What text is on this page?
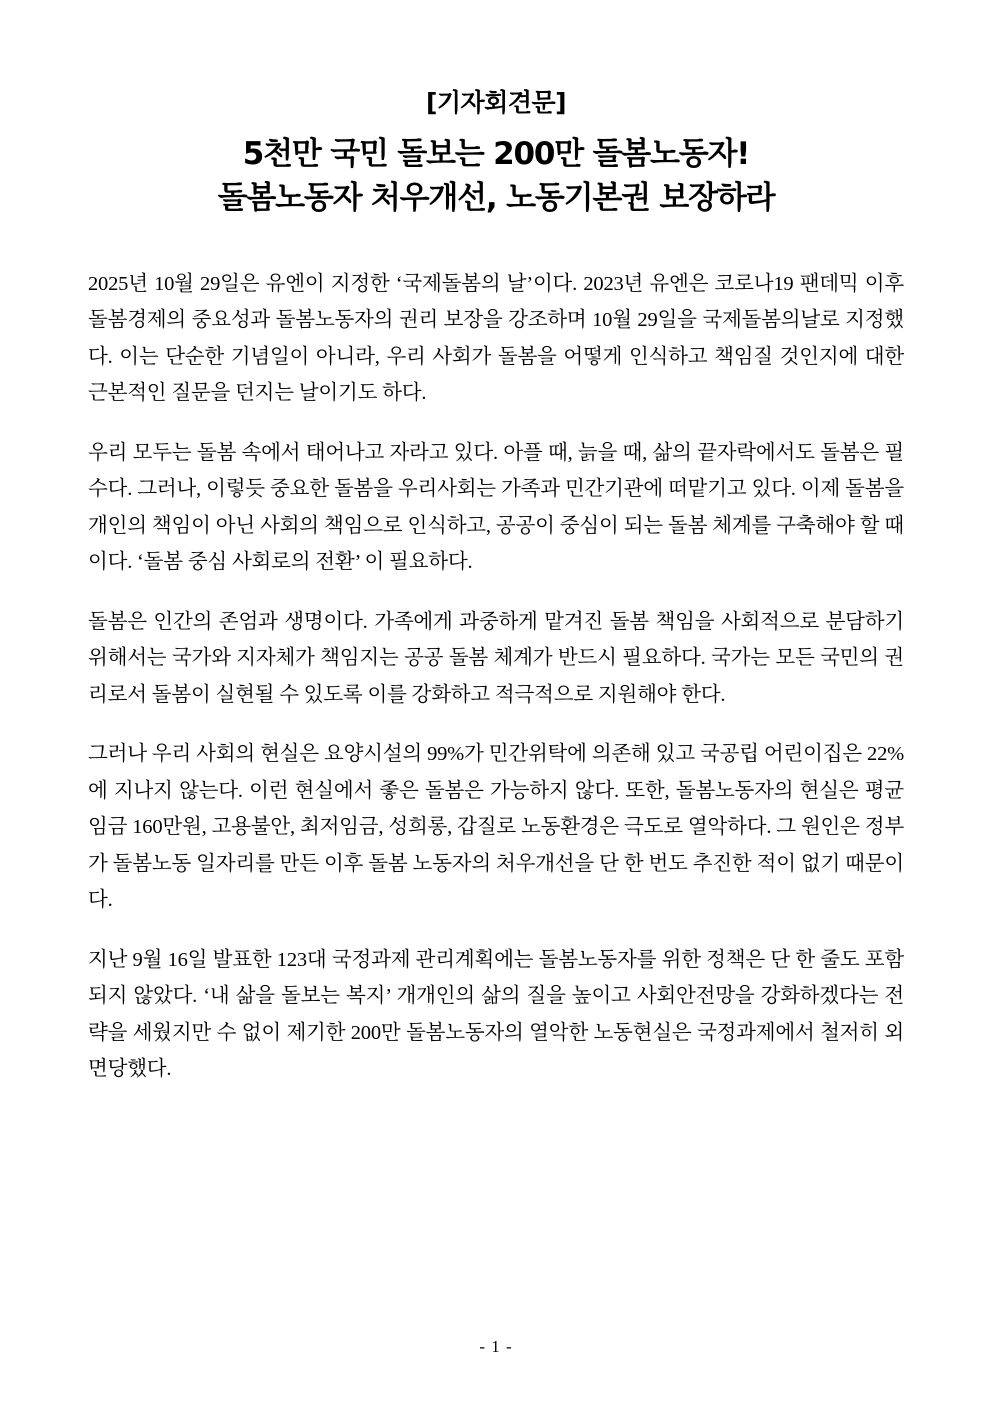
[기자회견문]
5천만 국민 돌보는 200만 돌봄노동자!
돌봄노동자 처우개선, 노동기본권 보장하라

2025년 10월 29일은 유엔이 지정한 ‘국제돌봄의 날’이다. 2023년 유엔은 코로나19 팬데믹 이후 돌봄경제의 중요성과 돌봄노동자의 권리 보장을 강조하며 10월 29일을 국제돌봄의날로 지정했다. 이는 단순한 기념일이 아니라, 우리 사회가 돌봄을 어떻게 인식하고 책임질 것인지에 대한 근본적인 질문을 던지는 날이기도 하다.

우리 모두는 돌봄 속에서 태어나고 자라고 있다. 아플 때, 늙을 때, 삶의 끝자락에서도 돌봄은 필수다. 그러나, 이렇듯 중요한 돌봄을 우리사회는 가족과 민간기관에 떠맡기고 있다. 이제 돌봄을 개인의 책임이 아닌 사회의 책임으로 인식하고, 공공이 중심이 되는 돌봄 체계를 구축해야 할 때이다. ‘돌봄 중심 사회로의 전환’ 이 필요하다.

돌봄은 인간의 존엄과 생명이다. 가족에게 과중하게 맡겨진 돌봄 책임을 사회적으로 분담하기 위해서는 국가와 지자체가 책임지는 공공 돌봄 체계가 반드시 필요하다. 국가는 모든 국민의 권리로서 돌봄이 실현될 수 있도록 이를 강화하고 적극적으로 지원해야 한다.

그러나 우리 사회의 현실은 요양시설의 99%가 민간위탁에 의존해 있고 국공립 어린이집은 22%에 지나지 않는다. 이런 현실에서 좋은 돌봄은 가능하지 않다. 또한, 돌봄노동자의 현실은 평균임금 160만원, 고용불안, 최저임금, 성희롱, 갑질로 노동환경은 극도로 열악하다. 그 원인은 정부가 돌봄노동 일자리를 만든 이후 돌봄 노동자의 처우개선을 단 한 번도 추진한 적이 없기 때문이다.

지난 9월 16일 발표한 123대 국정과제 관리계획에는 돌봄노동자를 위한 정책은 단 한 줄도 포함되지 않았다. ‘내 삶을 돌보는 복지’ 개개인의 삶의 질을 높이고 사회안전망을 강화하겠다는 전략을 세웠지만 수 없이 제기한 200만 돌봄노동자의 열악한 노동현실은 국정과제에서 철저히 외면당했다.

- 1 -
